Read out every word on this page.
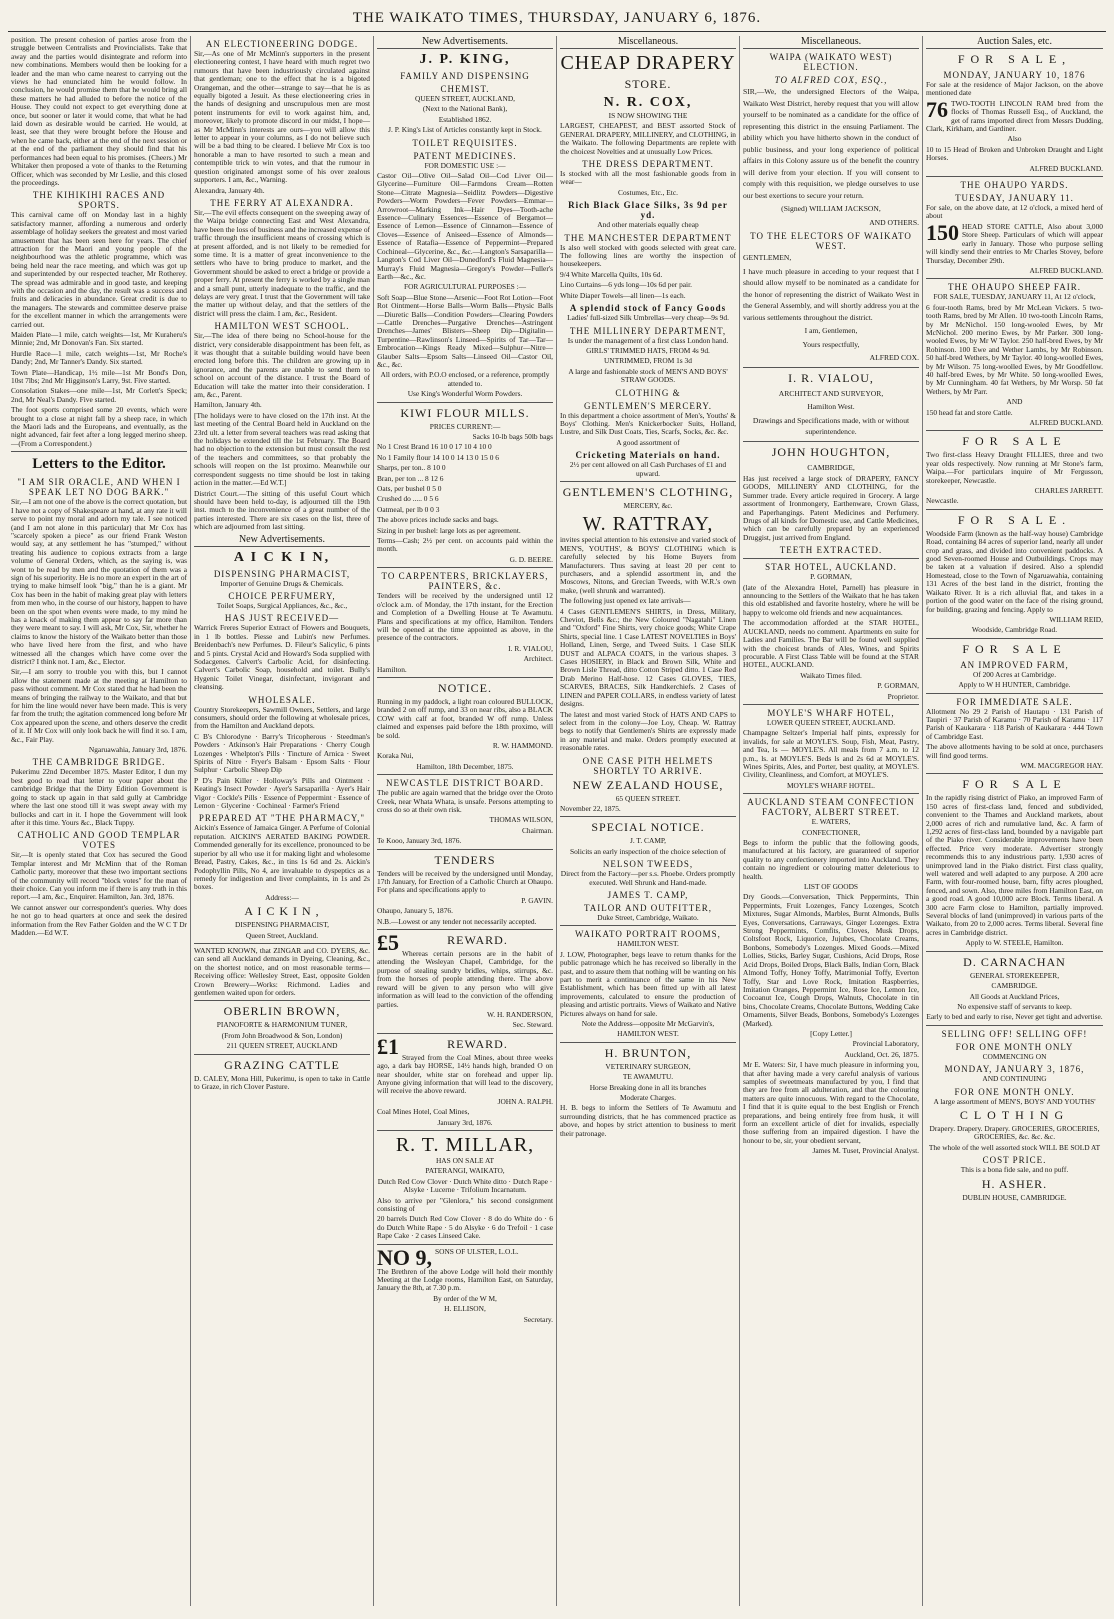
THE WAIKATO TIMES, THURSDAY, JANUARY 6, 1876.

position. The present cohesion of parties arose from the struggle between Centralists and Provincialists. Take that away and the parties would disintegrate and reform into new combinations. Members would then be looking for a leader and the man who came nearest to carrying out the views he had enunciated him he would follow. In conclusion, he would promise them that he would bring all these matters he had alluded to before the notice of the House. They could not expect to get everything done at once, but sooner or later it would come, that what he had laid down as desirable would be carried. He would, at least, see that they were brought before the House and when he came back, either at the end of the next session or at the end of the parliament they should find that his performances had been equal to his promises. (Cheers.) Mr Whitaker then proposed a vote of thanks to the Returning Officer, which was seconded by Mr Leslie, and this closed the proceedings.

THE KIHIKIHI RACES AND SPORTS.

This carnival came off on Monday last in a highly satisfactory manner, affording a numerous and orderly assemblage of holiday seekers the greatest and most varied amusement that has been seen here for years. The chief attraction for the Maori and young people of the neighbourhood was the athletic programme, which was being held near the race meeting, and which was got up and superintended by our respected teacher, Mr Rotherey. The spread was admirable and in good taste, and keeping with the occasion and the day, the result was a success and fruits and delicacies in abundance. Great credit is due to the managers. The stewards and committee deserve praise for the excellent manner in which the arrangements were carried out.

Maiden Plate—1 mile, catch weights—1st, Mr Kuraheru's Minnie; 2nd, Mr Donovan's Fan. Six started.

Hurdle Race—1 mile, catch weights—1st, Mr Roche's Dandy; 2nd, Mr Tanner's Dandy. Six started.

Town Plate—Handicap, 1½ mile—1st Mr Bond's Don, 10st 7lbs; 2nd Mr Higginson's Larry, 9st. Five started.

Consolation Stakes—one mile—1st, Mr Corlett's Speck; 2nd, Mr Neal's Dandy. Five started.

The foot sports comprised some 20 events, which were brought to a close at night fall by a sheep race, in which the Maori lads and the Europeans, and eventually, as the night advanced, fair feet after a long legged merino sheep.—(From a Correspondent.)

Letters to the Editor.
"I AM SIR ORACLE, AND WHEN I SPEAK LET NO DOG BARK."

Sir,—I am not one of the above is the correct quotation, but I have not a copy of Shakespeare at hand, at any rate it will serve to point my moral and adorn my tale. I see noticed (and I am not alone in this particular) that Mr Cox has "scarcely spoken a piece" as our friend Frank Weston would say, at any settlement he has "stumped," without treating his audience to copious extracts from a large volume of General Orders, which, as the saying is, was wont to be read by men and the quotation of them was a sign of his superiority. He is no more an expert in the art of trying to make himself look "big," than he is a giant. Mr Cox has been in the habit of making great play with letters from men who, in the course of our history, happen to have been on the spot when events were made, to my mind he has a knack of making them appear to say far more than they were meant to say. I will ask, Mr Cox, Sir, whether he claims to know the history of the Waikato better than those who have lived here from the first, and who have witnessed all the changes which have come over the district? I think not. I am, &c., Elector.

Sir,—I am sorry to trouble you with this, but I cannot allow the statement made at the meeting at Hamilton to pass without comment. Mr Cox stated that he had been the means of bringing the railway to the Waikato, and that but for him the line would never have been made. This is very far from the truth; the agitation commenced long before Mr Cox appeared upon the scene, and others deserve the credit of it. If Mr Cox will only look back he will find it so. I am, &c., Fair Play.

Ngaruawahia, January 3rd, 1876.

THE CAMBRIDGE BRIDGE.

Pukerimu 22nd December 1875. Master Editor, I dun my best good to read that letter to your paper about the cambridge Bridge that the Dirty Edition Government is going to stack up again in that sald gully at Cambridge where the last one stood till it was swept away with my bullocks and cart in it. I hope the Government will look after it this time. Yours &c., Black Tuppy.

CATHOLIC AND GOOD TEMPLAR VOTES

Sir,—It is openly stated that Cox has secured the Good Templar interest and Mr McMinn that of the Roman Catholic party, moreover that these two important sections of the community will record "block votes" for the man of their choice. Can you inform me if there is any truth in this report.—I am, &c., Enquirer. Hamilton, Jan. 3rd, 1876.

We cannot answer our correspondent's queries. Why does he not go to head quarters at once and seek the desired information from the Rev Father Golden and the W C T Dr Madden.—Ed W.T.

AN ELECTIONEERING DODGE.

Sir,—As one of Mr McMinn's supporters in the present electioneering contest, I have heard with much regret two rumours that have been industriously circulated against that gentleman; one to the effect that he is a bigoted Orangeman, and the other—strange to say—that he is as equally bigoted a Jesuit. As these electioneering cries in the hands of designing and unscrupulous men are most potent instruments for evil to work against him, and, moreover, likely to promote discord in our midst, I hope—as Mr McMinn's interests are ours—you will allow this letter to appear in your columns, as I do not believe such will be a bad thing to be cleared. I believe Mr Cox is too honorable a man to have resorted to such a mean and contemptible trick to win votes, and that the rumour in question originated amongst some of his over zealous supporters. I am, &c., Warning.

Alexandra, January 4th.

THE FERRY AT ALEXANDRA.

Sir,—The evil effects consequent on the sweeping away of the Waipa bridge connecting East and West Alexandra, have been the loss of business and the increased expense of traffic through the insufficient means of crossing which is at present afforded, and is not likely to be remedied for some time. It is a matter of great inconvenience to the settlers who have to bring produce to market, and the Government should be asked to erect a bridge or provide a proper ferry. At present the ferry is worked by a single man and a small punt, utterly inadequate to the traffic, and the delays are very great. I trust that the Government will take the matter up without delay, and that the settlers of the district will press the claim. I am, &c., Resident.

HAMILTON WEST SCHOOL.

Sir,—The idea of there being no School-house for the district, very considerable disappointment has been felt, as it was thought that a suitable building would have been erected long before this. The children are growing up in ignorance, and the parents are unable to send them to school on account of the distance. I trust the Board of Education will take the matter into their consideration. I am, &c., Parent.

Hamilton, January 4th.

[The holidays were to have closed on the 17th inst. At the last meeting of the Central Board held in Auckland on the 23rd ult. a letter from several teachers was read asking that the holidays be extended till the 1st February. The Board had no objection to the extension but must consult the rest of the teachers and committees, so that probably the schools will reopen on the 1st proximo. Meanwhile our correspondent suggests no time should be lost in taking action in the matter.—Ed W.T.]

District Court.—The sitting of this useful Court which should have been held to-day, is adjourned till the 19th inst. much to the inconvenience of a great number of the parties interested. There are six cases on the list, three of which are adjourned from last sitting.

New Advertisements.
A I C K I N,
DISPENSING PHARMACIST,

Importer of Genuine Drugs & Chemicals.

CHOICE PERFUMERY,

Toilet Soaps, Surgical Appliances, &c., &c.,

HAS JUST RECEIVED—

Warrick Freres Superior Extract of Flowers and Bouquets, in 1 lb bottles. Piesse and Lubin's new Perfumes. Breidenbach's new Perfumes. D. Fileur's Salicylic, 6 pints and 5 pints. Crystal Acid and Howard's Soda supplied with Sodacgenes. Calvert's Carbolic Acid, for disinfecting. Calvert's Carbolic Soap, household and toilet. Bully's Hygenic Toilet Vinegar, disinfectant, invigorant and cleansing.

WHOLESALE.

Country Storekeepers, Sawmill Owners, Settlers, and large consumers, should order the following at wholesale prices, from the Hamilton and Auckland depots.

C B's Chlorodyne · Barry's Tricopherous · Steedman's Powders · Atkinson's Hair Preparations · Cherry Cough Lozenges · Whelpton's Pills · Tincture of Arnica · Sweet Spirits of Nitre · Fryer's Balsam · Epsom Salts · Flour Sulphur · Carbolic Sheep Dip

P D's Pain Killer · Holloway's Pills and Ointment · Keating's Insect Powder · Ayer's Sarsaparilla · Ayer's Hair Vigor · Cockle's Pills · Essence of Peppermint · Essence of Lemon · Glycerine · Cochineal · Farmer's Friend

PREPARED AT "THE PHARMACY,"

Aickin's Essence of Jamaica Ginger. A Perfume of Colonial reputation. AICKIN'S AERATED BAKING POWDER. Commended generally for its excellence, pronounced to be superior by all who use it for making light and wholesome Bread, Pastry, Cakes, &c., in tins 1s 6d and 2s. Aickin's Podophyllin Pills, No 4, are invaluable to dyspeptics as a remedy for indigestion and liver complaints, in 1s and 2s boxes.

Address:—

A I C K I N ,

DISPENSING PHARMACIST,

Queen Street, Auckland.

WANTED KNOWN, that ZINGAR and CO. DYERS, &c. can send all Auckland demands in Dyeing, Cleaning, &c., on the shortest notice, and on most reasonable terms—Receiving office: Wellesley Street, East, opposite Golden Crown Brewery—Works: Richmond. Ladies and gentlemen waited upon for orders.

OBERLIN BROWN,

PIANOFORTE & HARMONIUM TUNER,

(From John Broadwood & Son, London)

211 QUEEN STREET, AUCKLAND

GRAZING CATTLE

D. CALEY, Mona Hill, Pukerimu, is open to take in Cattle to Graze, in rich Clover Pasture.

New Advertisements.
J. P. KING,
FAMILY AND DISPENSING
CHEMIST.

QUEEN STREET, AUCKLAND,

(Next to the National Bank),

Established 1862.

J. P. King's List of Articles constantly kept in Stock.

TOILET REQUISITES.
PATENT MEDICINES.

FOR DOMESTIC USE :—

Castor Oil—Olive Oil—Salad Oil—Cod Liver Oil—Glycerine—Furniture Oil—Farmdons Cream—Rotten Stone—Citrate Magnesia—Seidlitz Powders—Digestive Powders—Worm Powders—Fever Powders—Emmar—Arrowroot—Marking Ink—Hair Dyes—Tooth-ache Essence—Culinary Essences—Essence of Bergamot—Essence of Lemon—Essence of Cinnamon—Essence of Cloves—Essence of Aniseed—Essence of Almonds—Essence of Ratafia—Essence of Peppermint—Prepared Cochineal—Glycerine, &c., &c.—Langton's Sarsaparilla—Langton's Cod Liver Oil—Dunedford's Fluid Magnesia—Murray's Fluid Magnesia—Gregory's Powder—Fuller's Earth—&c., &c.

FOR AGRICULTURAL PURPOSES :—

Soft Soap—Blue Stone—Arsenic—Foot Rot Lotion—Foot Rot Ointment—Horse Balls—Worm Balls—Physic Balls—Diuretic Balls—Condition Powders—Clearing Powders—Cattle Drenches—Purgative Drenches—Astringent Drenches—James' Blisters—Sheep Dip—Digitalin—Turpentine—Rawlinson's Linseed—Spirits of Tar—Tar—Embrocation—Kings Ready Mixed—Sulphur—Nitre—Glauber Salts—Epsom Salts—Linseed Oil—Castor Oil, &c., &c.

All orders, with P.O.O enclosed, or a reference, promptly attended to.

Use King's Wonderful Worm Powders.

KIWI FLOUR MILLS.

PRICES CURRENT:—

Sacks 10-lb bags 50lb bags

No 1 Crest Brand 16 10 0 17 10 4 10 0

No 1 Family flour 14 10 0 14 13 0 15 0 6

Sharps, per ton.. 8 10 0

Bran, per ton ... 8 12 6

Oats, per bushel 0 5 0

Crushed do ..... 0 5 6

Oatmeal, per lb 0 0 3

The above prices include sacks and bags.

Sizing in per bushel: large lots as per agreement.

Terms—Cash; 2½ per cent. on accounts paid within the month.

G. D. BEERE.

TO CARPENTERS, BRICKLAYERS, PAINTERS, &c.

Tenders will be received by the undersigned until 12 o'clock a.m. of Monday, the 17th instant, for the Erection and Completion of a Dwelling House at Te Awamutu. Plans and specifications at my office, Hamilton. Tenders will be opened at the time appointed as above, in the presence of the contractors.

I. R. VIALOU,

Architect.

Hamilton.

NOTICE.

Running in my paddock, a light roan coloured BULLOCK, branded 2 on off rump, and 33 on near ribs, also a BLACK COW with calf at foot, branded W off rump. Unless claimed and expenses paid before the 18th proximo, will be sold.

R. W. HAMMOND.

Koraka Nui,

Hamilton, 18th December, 1875.

NEWCASTLE DISTRICT BOARD.

The public are again warned that the bridge over the Oroto Creek, near Whata Whata, is unsafe. Persons attempting to cross do so at their own risk.

THOMAS WILSON,

Chairman.

Te Kooo, January 3rd, 1876.

TENDERS

Tenders will be received by the undersigned until Monday, 17th January, for Erection of a Catholic Church at Ohaupo. For plans and specifications apply to

P. GAVIN.

Ohaupo, January 5, 1876.

N.B.—Lowest or any tender not necessarily accepted.

£5	REWARD.

Whereas certain persons are in the habit of attending the Wesleyan Chapel, Cambridge, for the purpose of stealing sundry bridles, whips, stirrups, &c. from the horses of people attending there. The above reward will be given to any person who will give information as will lead to the conviction of the offending parties.

W. H. RANDERSON,

Sec. Steward.

£1	REWARD.

Strayed from the Coal Mines, about three weeks ago, a dark bay HORSE, 14½ hands high, branded O on near shoulder, white star on forehead and upper lip. Anyone giving information that will lead to the discovery, will receive the above reward.

JOHN A. RALPH.

Coal Mines Hotel, Coal Mines,

January 3rd, 1876.

R. T. MILLAR,

HAS ON SALE AT

PATERANGI, WAIKATO,

Dutch Red Cow Clover · Dutch White ditto · Dutch Rape · Alsyke · Lucerne · Trifolium Incarnatum.

Also to arrive per "Glenlora," his second consignment consisting of

20 barrels Dutch Red Cow Clover · 8 do do White do · 6 do Dutch White Rape · 5 do Alsyke · 6 do Trefoil · 1 case Rape Cake · 2 cases Linseed Cake.

NO 9, SONS OF ULSTER, L.O.L.

The Brethren of the above Lodge will hold their monthly Meeting at the Lodge rooms, Hamilton East, on Saturday, January the 8th, at 7.30 p.m.

By order of the W M,

H. ELLISON,

Secretary.

Miscellaneous.
CHEAP DRAPERY
STORE.
N. R. COX,

IS NOW SHOWING THE

LARGEST, CHEAPEST, and BEST assorted Stock of GENERAL DRAPERY, MILLINERY, and CLOTHING, in the Waikato. The following Departments are replete with the choicest Novelties and at unusually Low Prices.

THE DRESS DEPARTMENT.

Is stocked with all the most fashionable goods from in wear—

Costumes, Etc., Etc.

Rich Black Glace Silks, 3s 9d per yd.

And other materials equally cheap

THE MANCHESTER DEPARTMENT

Is also well stocked with goods selected with great care. The following lines are worthy the inspection of housekeepers.

9/4 White Marcella Quilts, 10s 6d.

Lino Curtains—6 yds long—10s 6d per pair.

White Diaper Towels—all linen—1s each.

A splendid stock of Fancy Goods

Ladies' full-sized Silk Umbrellas—very cheap—9s 9d.

THE MILLINERY DEPARTMENT,

Is under the management of a first class London hand.

GIRLS' TRIMMED HATS, FROM 4s 9d.

UNTRIMMED, FROM 1s 3d

A large and fashionable stock of MEN'S AND BOYS' STRAW GOODS.

CLOTHING &
GENTLEMEN'S MERCERY.

In this department a choice assortment of Men's, Youths' & Boys' Clothing. Men's Knickerbocker Suits, Holland, Lustre, and Silk Dust Coats, Ties, Scarfs, Socks, &c. &c.

A good assortment of

Cricketing Materials on hand.

2½ per cent allowed on all Cash Purchases of £1 and upward.

GENTLEMEN'S CLOTHING,

MERCERY, &c.

W. RATTRAY,

invites special attention to his extensive and varied stock of MEN'S, YOUTHS', & BOYS' CLOTHING which is carefully selected by his Home Buyers from Manufacturers. Thus saving at least 20 per cent to purchasers, and a splendid assortment in, and the Moscows, Nitons, and Grecian Tweeds, with W.R.'s own make, (well shrunk and warranted).

The following just opened ex late arrivals—

4 Cases GENTLEMEN'S SHIRTS, in Dress, Military, Cheviot, Bells &c.; the New Coloured "Nagatahi" Linen and "Oxford" Fine Shirts, very choice goods; White Crape Shirts, special line. 1 Case LATEST NOVELTIES in Boys' Holland, Linen, Serge, and Tweed Suits. 1 Case SILK DUST and ALPACA COATS, in the various shapes. 3 Cases HOSIERY, in Black and Brown Silk, White and Brown Lisle Thread, ditto Cotton Striped ditto. 1 Case Red Drab Merino Half-hose. 12 Cases GLOVES, TIES, SCARVES, BRACES, Silk Handkerchiefs. 2 Cases of LINEN and PAPER COLLARS, in endless variety of latest designs.

The latest and most varied Stock of HATS AND CAPS to select from in the colony—Joe Loy, Cheap. W. Rattray begs to notify that Gentlemen's Shirts are expressly made in any material and make. Orders promptly executed at reasonable rates.

ONE CASE PITH HELMETS SHORTLY TO ARRIVE.
NEW ZEALAND HOUSE,

65 QUEEN STREET.

November 22, 1875.

SPECIAL NOTICE.

J. T. CAMP,

Solicits an early inspection of the choice selection of

NELSON TWEEDS,

Direct from the Factory—per s.s. Phoebe. Orders promptly executed. Well Shrunk and Hand-made.

JAMES T. CAMP,
TAILOR AND OUTFITTER,

Duke Street, Cambridge, Waikato.

WAIKATO PORTRAIT ROOMS,

HAMILTON WEST.

J. LOW, Photographer, begs leave to return thanks for the public patronage which he has received so liberally in the past, and to assure them that nothing will be wanting on his part to merit a continuance of the same in his New Establishment, which has been fitted up with all latest improvements, calculated to ensure the production of pleasing and artistic portraits. Views of Waikato and Native Pictures always on hand for sale.

Note the Address—opposite Mr McGarvin's,

HAMILTON WEST.

H. BRUNTON,

VETERINARY SURGEON,

TE AWAMUTU.

Horse Breaking done in all its branches

Moderate Charges.

H. B. begs to inform the Settlers of Te Awamutu and surrounding districts, that he has commenced practice as above, and hopes by strict attention to business to merit their patronage.

Miscellaneous.
WAIPA (WAIKATO WEST) ELECTION.
TO ALFRED COX, ESQ.,

SIR,—We, the undersigned Electors of the Waipa, Waikato West District, hereby request that you will allow yourself to be nominated as a candidate for the office of representing this district in the ensuing Parliament. The ability which you have hitherto shown in the conduct of public business, and your long experience of political affairs in this Colony assure us of the benefit the country will derive from your election. If you will consent to comply with this requisition, we pledge ourselves to use our best exertions to secure your return.

(Signed) WILLIAM JACKSON,

AND OTHERS.

TO THE ELECTORS OF WAIKATO WEST.

GENTLEMEN,

I have much pleasure in acceding to your request that I should allow myself to be nominated as a candidate for the honor of representing the district of Waikato West in the General Assembly, and will shortly address you at the various settlements throughout the district.

I am, Gentlemen,

Yours respectfully,

ALFRED COX.

I. R. VIALOU,

ARCHITECT AND SURVEYOR,

Hamilton West.

Drawings and Specifications made, with or without superintendence.

JOHN HOUGHTON,

CAMBRIDGE,

Has just received a large stock of DRAPERY, FANCY GOODS, MILLINERY AND CLOTHING, for the Summer trade. Every article required in Grocery. A large assortment of Ironmongery, Earthenware, Crown Glass, and Paperhangings. Patent Medicines and Perfumery. Drugs of all kinds for Domestic use, and Cattle Medicines, which can be carefully prepared by an experienced Druggist, just arrived from England.

TEETH EXTRACTED.
STAR HOTEL, AUCKLAND.

P. GORMAN,

(late of the Alexandra Hotel, Parnell) has pleasure in announcing to the Settlers of the Waikato that he has taken this old established and favorite hostelry, where he will be happy to welcome old friends and new acquaintances.

The accommodation afforded at the STAR HOTEL, AUCKLAND, needs no comment. Apartments en suite for Ladies and Families. The Bar will be found well supplied with the choicest brands of Ales, Wines, and Spirits procurable. A First Class Table will be found at the STAR HOTEL, AUCKLAND.

Waikato Times filed.

P. GORMAN,

Proprietor.

MOYLE'S WHARF HOTEL,

LOWER QUEEN STREET, AUCKLAND.

Champagne Seltzer's Imperial half pints, expressly for invalids, for sale at MOYLE'S. Soup, Fish, Meat, Pastry, and Tea, ls — MOYLE'S. All meals from 7 a.m. to 12 p.m., ls. at MOYLE'S. Beds ls and 2s 6d at MOYLE'S. Wines Spirits, Ales, and Porter, best quality, at MOYLE'S. Civility, Cleanliness, and Comfort, at MOYLE'S.

MOYLE'S WHARF HOTEL.

AUCKLAND STEAM CONFECTION FACTORY, ALBERT STREET.

E. WATERS,

CONFECTIONER,

Begs to inform the public that the following goods, manufactured at his factory, are guaranteed of superior quality to any confectionery imported into Auckland. They contain no ingredient or colouring matter deleterious to health.

LIST OF GOODS

Dry Goods.—Conversation, Thick Peppermints, Thin Peppermints, Fruit Lozenges, Fancy Lozenges, Scotch Mixtures, Sugar Almonds, Marbles, Burnt Almonds, Bulls Eyes, Conversations, Carraways, Ginger Lozenges. Extra Strong Peppermints, Comfits, Cloves, Musk Drops, Coltsfoot Rock, Liquorice, Jujubes, Chocolate Creams, Bonbons, Somebody's Lozenges. Mixed Goods.—Mixed Lollies, Sticks, Barley Sugar, Cushions, Acid Drops, Rose Acid Drops, Boiled Drops, Black Balls, Indian Corn, Black Almond Toffy, Honey Toffy, Matrimonial Toffy, Everton Toffy, Star and Love Rock, Imitation Raspberries, Imitation Oranges, Peppermint Ice, Rose Ice, Lemon Ice, Cocoanut Ice, Cough Drops, Walnuts, Chocolate in tin bins, Chocolate Creams, Chocolate Buttons, Wedding Cake Ornaments, Silver Beads, Bonbons, Somebody's Lozenges (Marked).

[Copy Letter.]

Provincial Laboratory,

Auckland, Oct. 26, 1875.

Mr E. Waters: Sir, I have much pleasure in informing you, that after having made a very careful analysis of various samples of sweetmeats manufactured by you, I find that they are free from all adulteration, and that the colouring matters are quite innocuous. With regard to the Chocolate, I find that it is quite equal to the best English or French preparations, and being entirely free from husk, it will form an excellent article of diet for invalids, especially those suffering from an impaired digestion. I have the honour to be, sir, your obedient servant,

James M. Tuset, Provincial Analyst.

Auction Sales, etc.
FOR SALE,
MONDAY, JANUARY 10, 1876

For sale at the residence of Major Jackson, on the above mentioned date

76 TWO-TOOTH LINCOLN RAM bred from the flocks of Thomas Russell Esq., of Auckland, the get of rams imported direct from Messrs Dudding, Clark, Kirkham, and Gardiner.

Also

10 to 15 Head of Broken and Unbroken Draught and Light Horses.

ALFRED BUCKLAND.

THE OHAUPO YARDS.
TUESDAY, JANUARY 11.

For sale, on the above date, at 12 o'clock, a mixed herd of about

150 HEAD STORE CATTLE, Also about 3,000 Store Sheep. Particulars of which will appear early in January. Those who purpose selling will kindly send their entries to Mr Charles Stovey, before Thursday, December 29th.

ALFRED BUCKLAND.

THE OHAUPO SHEEP FAIR.

FOR SALE, TUESDAY, JANUARY 11, At 12 o'clock,

6 four-tooth Rams, bred by Mr McLean Vickers. 5 two-tooth Rams, bred by Mr Allen. 10 two-tooth Lincoln Rams, by Mr McNichol. 150 long-wooled Ewes, by Mr McNichol. 200 merino Ewes, by Mr Parker. 300 long-wooled Ewes, by Mr W Taylor. 250 half-bred Ewes, by Mr Robinson. 100 Ewe and Wether Lambs, by Mr Robinson. 50 half-bred Wethers, by Mr Taylor. 40 long-woolled Ewes, by Mr Wilson. 75 long-woolled Ewes, by Mr Goodfellow. 40 half-bred Ewes, by Mr White. 50 long-woolled Ewes, by Mr Cunningham. 40 fat Wethers, by Mr Worsp. 50 fat Wethers, by Mr Parr.

AND

150 head fat and store Cattle.

ALFRED BUCKLAND.

FOR SALE

Two first-class Heavy Draught FILLIES, three and two year olds respectively. Now running at Mr Stone's farm, Waipa.—For particulars inquire of Mr Fergusson, storekeeper, Newcastle.

CHARLES JARRETT.

Newcastle.

FOR SALE.

Woodside Farm (known as the half-way house) Cambridge Road, containing 84 acres of superior land, nearly all under crop and grass, and divided into convenient paddocks. A good Seven-roomed House and Outbuildings. Crops may be taken at a valuation if desired. Also a splendid Homestead, close to the Town of Ngaruawahia, containing 131 Acres of the best land in the district, fronting the Waikato River. It is a rich alluvial flat, and takes in a portion of the good water on the face of the rising ground, for building, grazing and fencing. Apply to

WILLIAM REID,

Woodside, Cambridge Road.

FOR SALE
AN IMPROVED FARM,

Of 200 Acres at Cambridge.

Apply to W H HUNTER, Cambridge.

FOR IMMEDIATE SALE.

Allotment No 29 2 Parish of Hautapu · 131 Parish of Taupiri · 37 Parish of Karamu · 70 Parish of Karamu · 117 Parish of Kaukarara · 118 Parish of Kaukarara · 444 Town of Cambridge East.

The above allotments having to be sold at once, purchasers will find good terms.

WM. MACGREGOR HAY.

FOR SALE

In the rapidly rising district of Piako, an improved Farm of 150 acres of first-class land, fenced and subdivided, convenient to the Thames and Auckland markets, about 2,000 acres of rich and rumulative land, &c. A farm of 1,292 acres of first-class land, bounded by a navigable part of the Piako river. Considerable improvements have been effected. Price very moderate. Advertiser strongly recommends this to any industrious party. 1,930 acres of unimproved land in the Piako district. First class quality, well watered and well adapted to any purpose. A 200 acre Farm, with four-roomed house, barn, fifty acres ploughed, fenced, and sown. Also, three miles from Hamilton East, on a good road. A good 10,000 acre Block. Terms liberal. A 300 acre Farm close to Hamilton, partially improved. Several blocks of land (unimproved) in various parts of the Waikato, from 20 to 2,000 acres. Terms liberal. Several fine acres in Cambridge district.

Apply to W. STEELE, Hamilton.

D. CARNACHAN

GENERAL STOREKEEPER,

CAMBRIDGE.

All Goods at Auckland Prices,

No expensive staff of servants to keep.

Early to bed and early to rise, Never get tight and advertise.

SELLING OFF! SELLING OFF!
FOR ONE MONTH ONLY

COMMENCING ON

MONDAY, JANUARY 3, 1876,

AND CONTINUING

FOR ONE MONTH ONLY.

A large assortment of MEN'S, BOYS' AND YOUTHS'

CLOTHING

Drapery. Drapery. Drapery. GROCERIES, GROCERIES, GROCERIES, &c. &c. &c.

The whole of the well assorted stock WILL BE SOLD AT

COST PRICE.

This is a bona fide sale, and no puff.

H. ASHER.

DUBLIN HOUSE, CAMBRIDGE.
